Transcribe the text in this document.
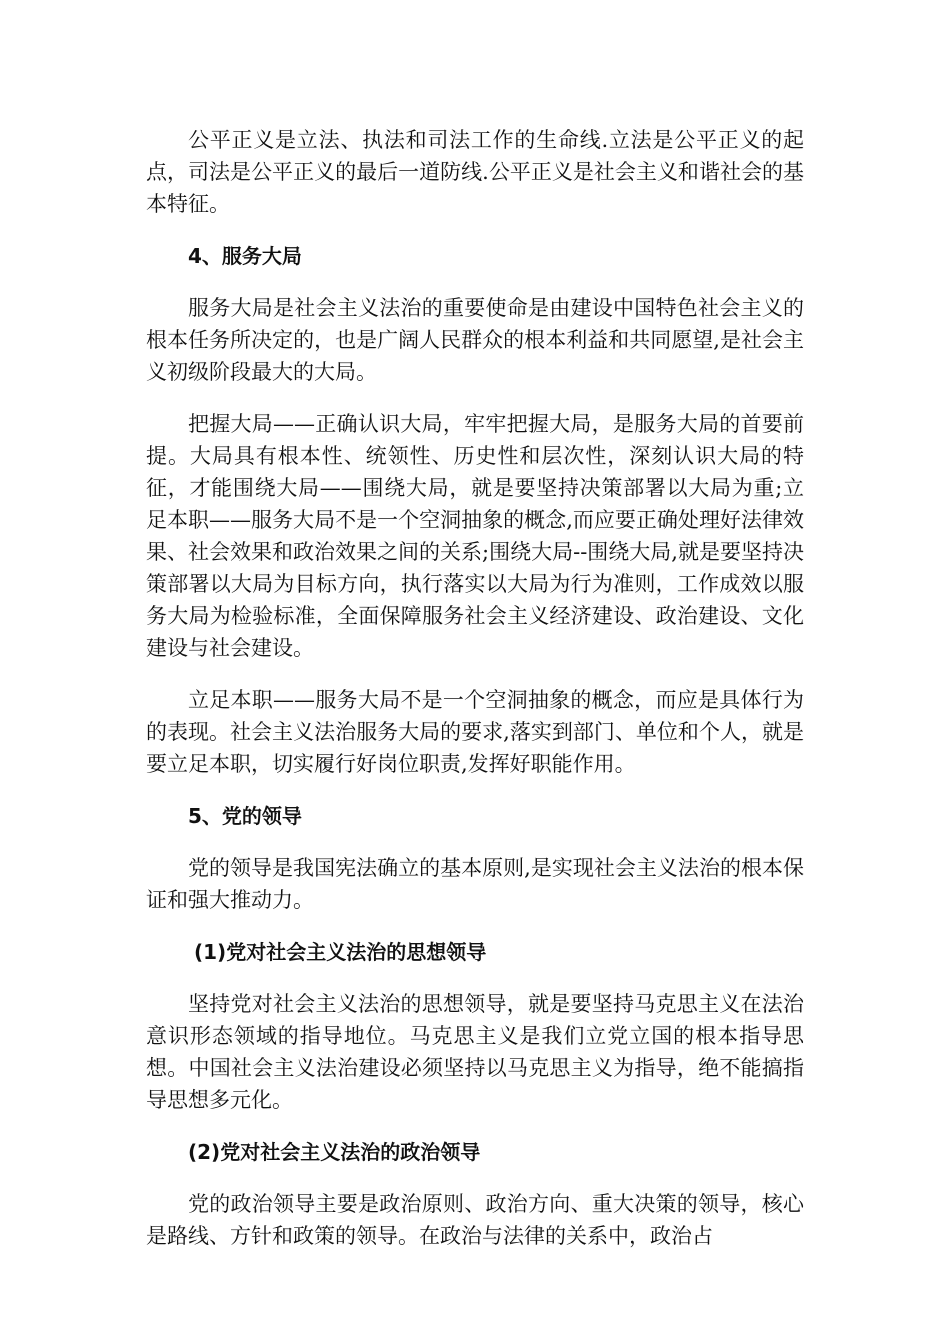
公平正义是立法、执法和司法工作的生命线.立法是公平正义的起点，司法是公平正义的最后一道防线.公平正义是社会主义和谐社会的基本特征。

4、服务大局

服务大局是社会主义法治的重要使命是由建设中国特色社会主义的根本任务所决定的，也是广阔人民群众的根本利益和共同愿望,是社会主义初级阶段最大的大局。

把握大局——正确认识大局，牢牢把握大局，是服务大局的首要前提。大局具有根本性、统领性、历史性和层次性，深刻认识大局的特征，才能围绕大局——围绕大局，就是要坚持决策部署以大局为重;立足本职——服务大局不是一个空洞抽象的概念,而应要正确处理好法律效果、社会效果和政治效果之间的关系;围绕大局--围绕大局,就是要坚持决策部署以大局为目标方向，执行落实以大局为行为准则，工作成效以服务大局为检验标准，全面保障服务社会主义经济建设、政治建设、文化建设与社会建设。

立足本职——服务大局不是一个空洞抽象的概念，而应是具体行为的表现。社会主义法治服务大局的要求,落实到部门、单位和个人，就是要立足本职，切实履行好岗位职责,发挥好职能作用。

5、党的领导

党的领导是我国宪法确立的基本原则,是实现社会主义法治的根本保证和强大推动力。

(1)党对社会主义法治的思想领导

坚持党对社会主义法治的思想领导，就是要坚持马克思主义在法治意识形态领域的指导地位。马克思主义是我们立党立国的根本指导思想。中国社会主义法治建设必须坚持以马克思主义为指导，绝不能搞指导思想多元化。

(2)党对社会主义法治的政治领导

党的政治领导主要是政治原则、政治方向、重大决策的领导，核心是路线、方针和政策的领导。在政治与法律的关系中，政治占
